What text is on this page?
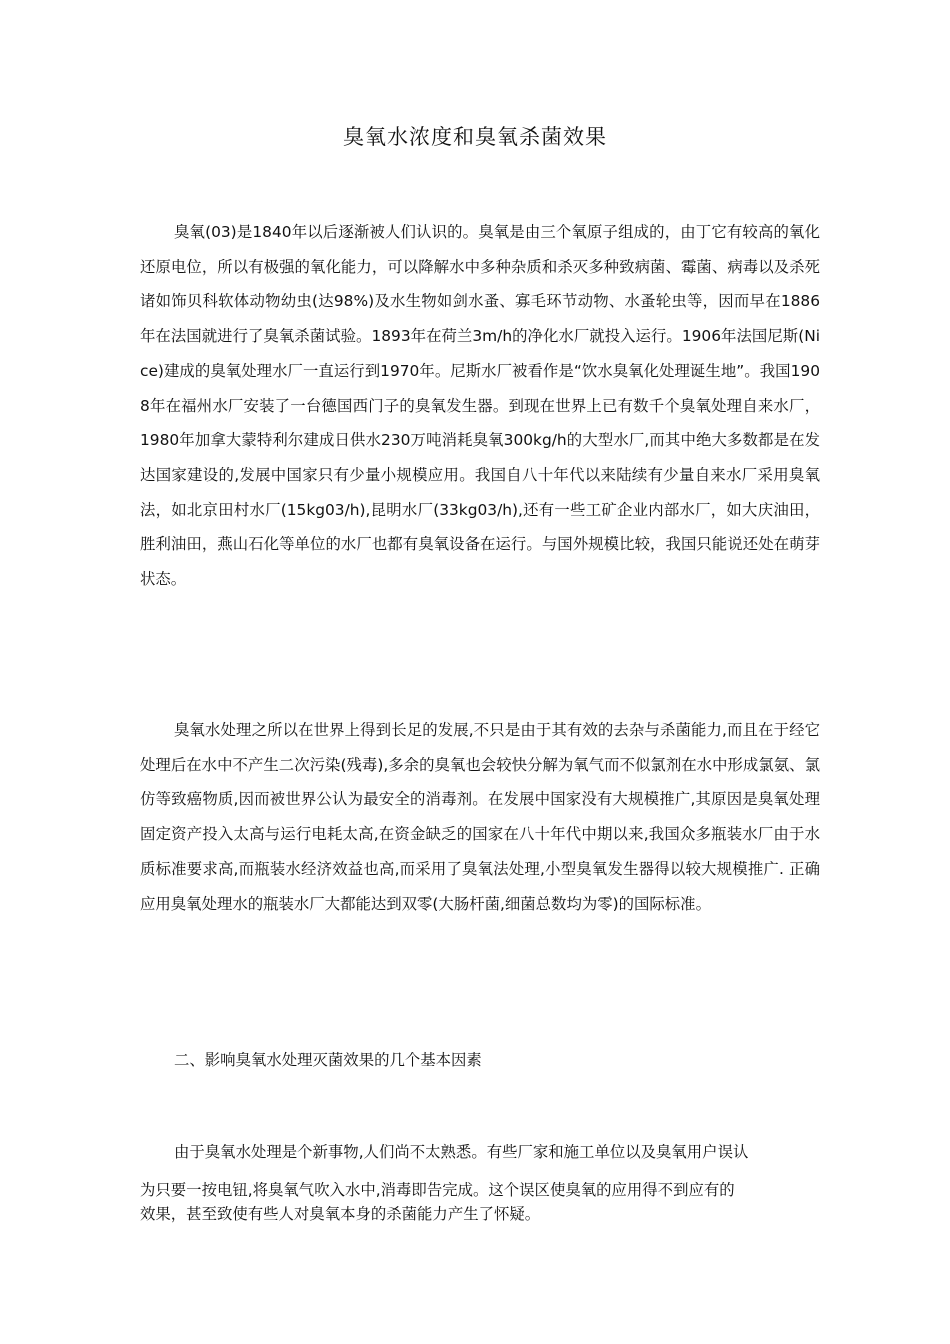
臭氧水浓度和臭氧杀菌效果

臭氧(03)是1840年以后逐渐被人们认识的。臭氧是由三个氧原子组成的，由丁它有较高的氧化还原电位，所以有极强的氧化能力，可以降解水中多种杂质和杀灭多种致病菌、霉菌、病毒以及杀死诸如饰贝科软体动物幼虫(达98%)及水生物如剑水蚤、寡毛环节动物、水蚤轮虫等，因而早在1886年在法国就进行了臭氧杀菌试验。1893年在荷兰3m/h的净化水厂就投入运行。1906年法国尼斯(Nice)建成的臭氧处理水厂一直运行到1970年。尼斯水厂被看作是“饮水臭氧化处理诞生地”。我国1908年在福州水厂安装了一台德国西门子的臭氧发生器。到现在世界上已有数千个臭氧处理自来水厂，1980年加拿大蒙特利尔建成日供水230万吨消耗臭氧300kg/h的大型水厂,而其中绝大多数都是在发达国家建设的,发展中国家只有少量小规模应用。我国自八十年代以来陆续有少量自来水厂采用臭氧法，如北京田村水厂(15kg03/h),昆明水厂(33kg03/h),还有一些工矿企业内部水厂，如大庆油田，胜利油田，燕山石化等单位的水厂也都有臭氧设备在运行。与国外规模比较，我国只能说还处在萌芽状态。

臭氧水处理之所以在世界上得到长足的发展,不只是由于其有效的去杂与杀菌能力,而且在于经它处理后在水中不产生二次污染(残毒),多余的臭氧也会较快分解为氧气而不似氯剂在水中形成氯氨、氯仿等致癌物质,因而被世界公认为最安全的消毒剂。在发展中国家没有大规模推广,其原因是臭氧处理固定资产投入太高与运行电耗太高,在资金缺乏的国家在八十年代中期以来,我国众多瓶装水厂由于水质标准要求高,而瓶装水经济效益也高,而采用了臭氧法处理,小型臭氧发生器得以较大规模推广. 正确应用臭氧处理水的瓶装水厂大都能达到双零(大肠杆菌,细菌总数均为零)的国际标准。

二、影响臭氧水处理灭菌效果的几个基本因素

由于臭氧水处理是个新事物,人们尚不太熟悉。有些厂家和施工单位以及臭氧用户误认
为只要一按电钮,将臭氧气吹入水中,消毒即告完成。这个误区使臭氧的应用得不到应有的
效果，甚至致使有些人对臭氧本身的杀菌能力产生了怀疑。
